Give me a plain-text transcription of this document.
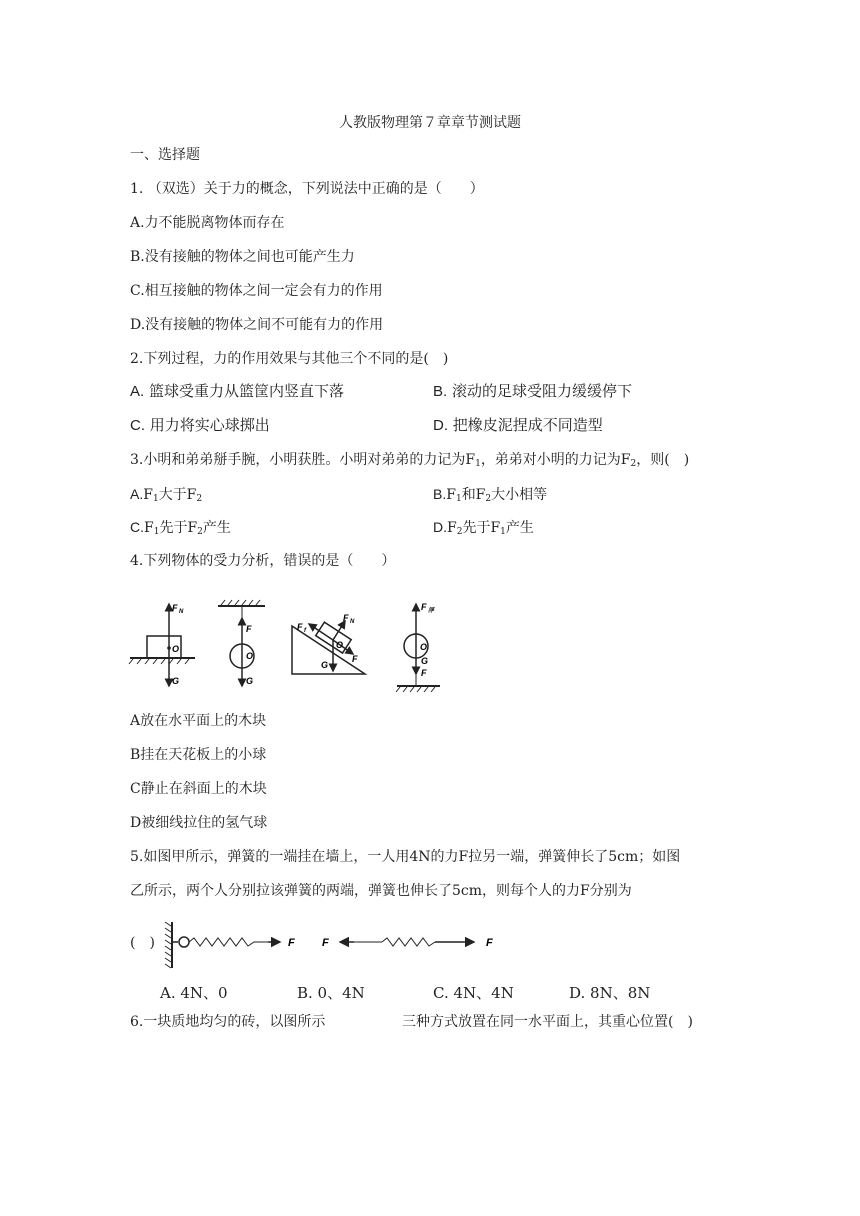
人教版物理第７章章节测试题
一、选择题
1. （双选）关于力的概念，下列说法中正确的是（　　）
A.力不能脱离物体而存在
B.没有接触的物体之间也可能产生力
C.相互接触的物体之间一定会有力的作用
D.没有接触的物体之间不可能有力的作用
2.下列过程，力的作用效果与其他三个不同的是(　)
A. 篮球受重力从篮筐内竖直下落	B. 滚动的足球受阻力缓缓停下
C. 用力将实心球掷出	D. 把橡皮泥捏成不同造型
3.小明和弟弟掰手腕，小明获胜。小明对弟弟的力记为$F_1$，弟弟对小明的力记为$F_2$，则(　)
$A.F_1$大于$F_2$	$B.F_1$和$F_2$大小相等
$C.F_1$先于$F_2$产生	$D.F_2$先于$F_1$产生
4.下列物体的受力分析，错误的是（　　）
F N
O
G
F
O
G
F N
F f
O
G
F
F 浮
O
G
F
A放在水平面上的木块
B挂在天花板上的小球
C静止在斜面上的木块
D被细线拉住的氢气球
5.如图甲所示，弹簧的一端挂在墙上，一人用4N的力F拉另一端，弹簧伸长了5cm；如图
乙所示，两个人分别拉该弹簧的两端，弹簧也伸长了5cm，则每个人的力F分别为
(　)	F F	F
A. 4N、0	B. 0、4N	C. 4N、4N	D. 8N、8N
6.一块质地均匀的砖，以图所示	三种方式放置在同一水平面上，其重心位置(　)
